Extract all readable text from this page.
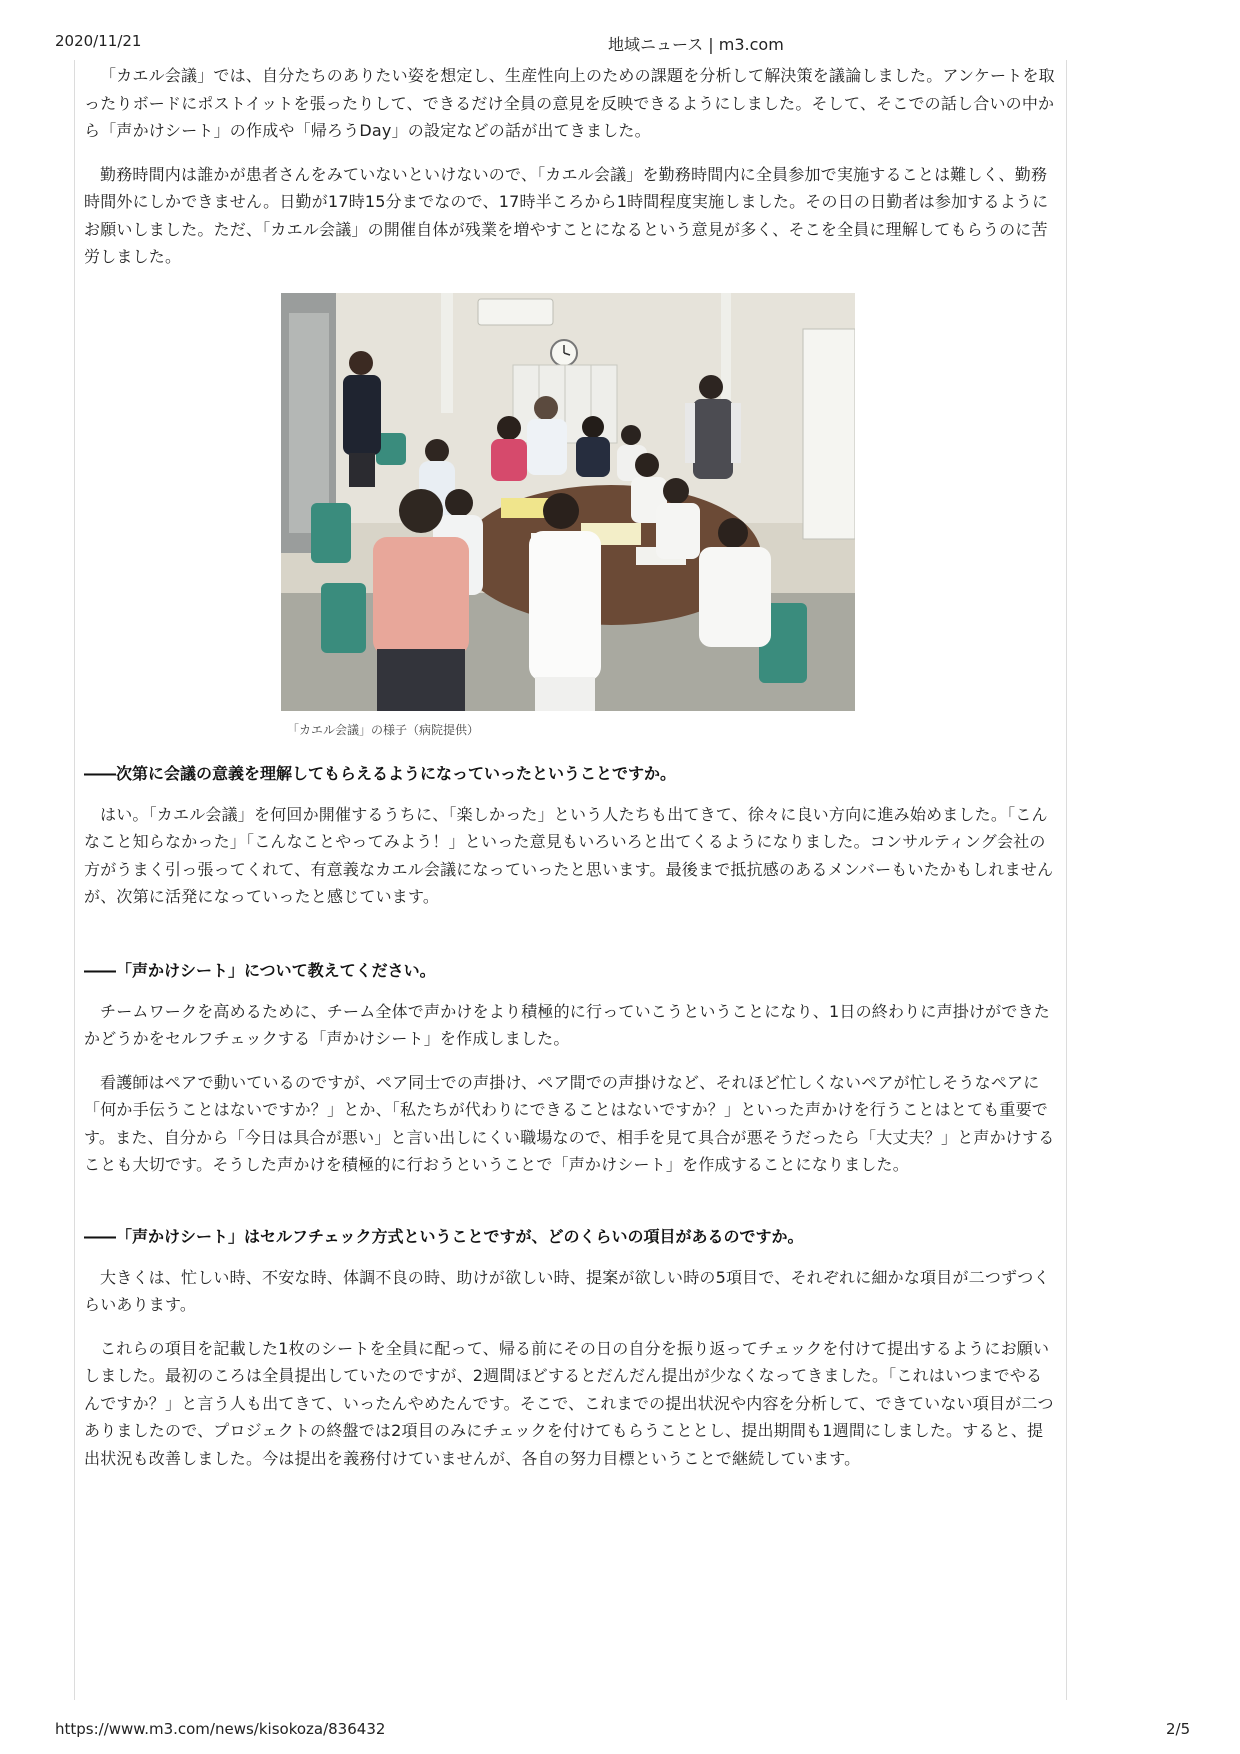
2020/11/21	地域ニュース | m3.com

「カエル会議」では、自分たちのありたい姿を想定し、生産性向上のための課題を分析して解決策を議論しました。アンケートを取ったりボードにポストイットを張ったりして、できるだけ全員の意見を反映できるようにしました。そして、そこでの話し合いの中から「声かけシート」の作成や「帰ろうDay」の設定などの話が出てきました。

勤務時間内は誰かが患者さんをみていないといけないので、「カエル会議」を勤務時間内に全員参加で実施することは難しく、勤務時間外にしかできません。日勤が17時15分までなので、17時半ころから1時間程度実施しました。その日の日勤者は参加するようにお願いしました。ただ、「カエル会議」の開催自体が残業を増やすことになるという意見が多く、そこを全員に理解してもらうのに苦労しました。

「カエル会議」の様子（病院提供）

――次第に会議の意義を理解してもらえるようになっていったということですか。

はい。「カエル会議」を何回か開催するうちに、「楽しかった」という人たちも出てきて、徐々に良い方向に進み始めました。「こんなこと知らなかった」「こんなことやってみよう！」といった意見もいろいろと出てくるようになりました。コンサルティング会社の方がうまく引っ張ってくれて、有意義なカエル会議になっていったと思います。最後まで抵抗感のあるメンバーもいたかもしれませんが、次第に活発になっていったと感じています。

――「声かけシート」について教えてください。

チームワークを高めるために、チーム全体で声かけをより積極的に行っていこうということになり、1日の終わりに声掛けができたかどうかをセルフチェックする「声かけシート」を作成しました。

看護師はペアで動いているのですが、ペア同士での声掛け、ペア間での声掛けなど、それほど忙しくないペアが忙しそうなペアに「何か手伝うことはないですか？」とか、「私たちが代わりにできることはないですか？」といった声かけを行うことはとても重要です。また、自分から「今日は具合が悪い」と言い出しにくい職場なので、相手を見て具合が悪そうだったら「大丈夫？」と声かけすることも大切です。そうした声かけを積極的に行おうということで「声かけシート」を作成することになりました。

――「声かけシート」はセルフチェック方式ということですが、どのくらいの項目があるのですか。

大きくは、忙しい時、不安な時、体調不良の時、助けが欲しい時、提案が欲しい時の5項目で、それぞれに細かな項目が二つずつくらいあります。

これらの項目を記載した1枚のシートを全員に配って、帰る前にその日の自分を振り返ってチェックを付けて提出するようにお願いしました。最初のころは全員提出していたのですが、2週間ほどするとだんだん提出が少なくなってきました。「これはいつまでやるんですか？」と言う人も出てきて、いったんやめたんです。そこで、これまでの提出状況や内容を分析して、できていない項目が二つありましたので、プロジェクトの終盤では2項目のみにチェックを付けてもらうこととし、提出期間も1週間にしました。すると、提出状況も改善しました。今は提出を義務付けていませんが、各自の努力目標ということで継続しています。

https://www.m3.com/news/kisokoza/836432	2/5
